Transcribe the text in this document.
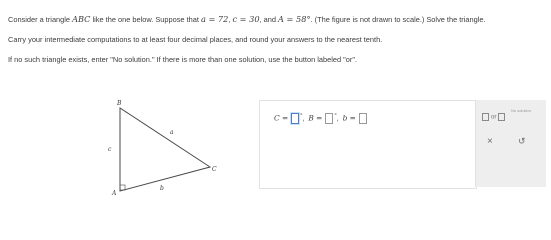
Consider a triangle ABC like the one below. Suppose that a = 72, c = 30, and A = 58°. (The figure is not drawn to scale.) Solve the triangle.
Carry your intermediate computations to at least four decimal places, and round your answers to the nearest tenth.
If no such triangle exists, enter "No solution." If there is more than one solution, use the button labeled "or".
B
C
A
c
a
b
C = °, B = °, b =	or
No solution
×	↺
